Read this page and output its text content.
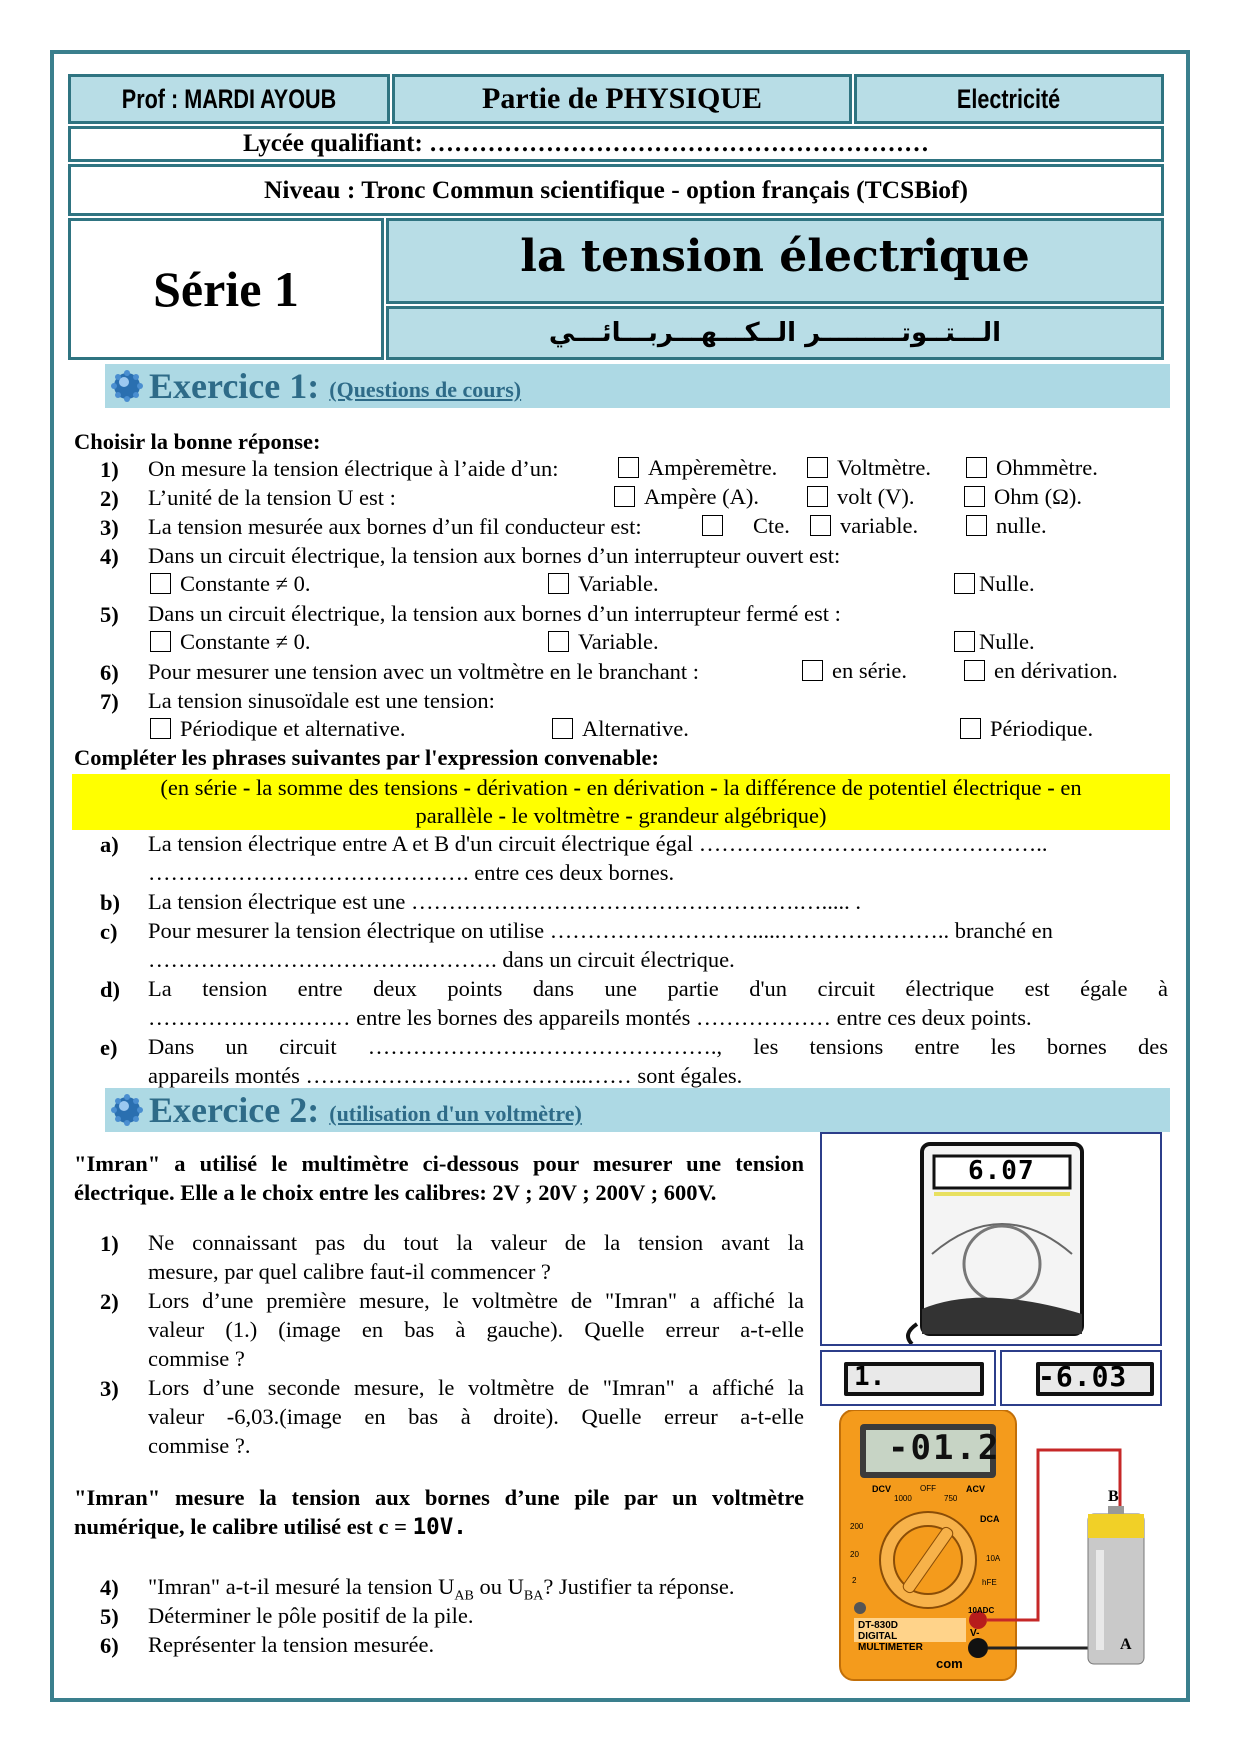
Prof : MARDI AYOUB	Partie de PHYSIQUE	Electricité
Lycée qualifiant: ……………………………………………………
Niveau : Tronc Commun scientifique - option français (TCSBiof)
Série 1
la tension électrique
الـــتــوتـــــــــر الــكـــهـــربـــائـــي
Exercice 1: (Questions de cours)
Choisir la bonne réponse:
1) On mesure la tension électrique à l’aide d’un:	Ampèremètre.	Voltmètre.	Ohmmètre.
2) L’unité de la tension U est :	Ampère (A).	volt (V).	Ohm (Ω).
3) La tension mesurée aux bornes d’un fil conducteur est:	Cte.	variable.	nulle.
4) Dans un circuit électrique, la tension aux bornes d’un interrupteur ouvert est:
Constante ≠ 0.	Variable.	Nulle.
5) Dans un circuit électrique, la tension aux bornes d’un interrupteur fermé est :
Constante ≠ 0.	Variable.	Nulle.
6) Pour mesurer une tension avec un voltmètre en le branchant :	en série.	en dérivation.
7) La tension sinusoïdale est une tension:
Périodique et alternative.	Alternative.	Périodique.
Compléter les phrases suivantes par l'expression convenable:
(en série - la somme des tensions - dérivation - en dérivation - la différence de potentiel électrique - en
parallèle - le voltmètre - grandeur algébrique)
a) La tension électrique entre A et B d'un circuit électrique égal ………………………………………..
……………………………………. entre ces deux bornes.
b) La tension électrique est une …………………………………………….…..... .
c) Pour mesurer la tension électrique on utilise ……………………….....………………….. branché en
……………………………….………. dans un circuit électrique.
d) La tension entre deux points dans une partie d'un circuit électrique est égale à
……………………… entre les bornes des appareils montés ……………… entre ces deux points.
e) Dans un circuit ………………….……………………., les tensions entre les bornes des
appareils montés ………………………………..…… sont égales.
Exercice 2: (utilisation d'un voltmètre)
"Imran" a utilisé le multimètre ci-dessous pour mesurer une tension
électrique. Elle a le choix entre les calibres: 2V ; 20V ; 200V ; 600V.
1) Ne connaissant pas du tout la valeur de la tension avant la
mesure, par quel calibre faut-il commencer ?
2) Lors d’une première mesure, le voltmètre de "Imran" a affiché la
valeur (1.) (image en bas à gauche). Quelle erreur a-t-elle
commise ?
3) Lors d’une seconde mesure, le voltmètre de "Imran" a affiché la
valeur -6,03.(image en bas à droite). Quelle erreur a-t-elle
commise ?.
"Imran" mesure la tension aux bornes d’une pile par un voltmètre
numérique, le calibre utilisé est c = 10V.
4) "Imran" a-t-il mesuré la tension $U_{AB}$ ou $U_{BA}$? Justifier ta réponse.
5) Déterminer le pôle positif de la pile.
6) Représenter la tension mesurée.
6.07
1.	-6.03
-01.2
DCV
1000
OFF
750
ACV
DCA
200
20
2
10A
hFE
10ADC
V-
DT-830D
DIGITAL
MULTIMETER
com
B
A
